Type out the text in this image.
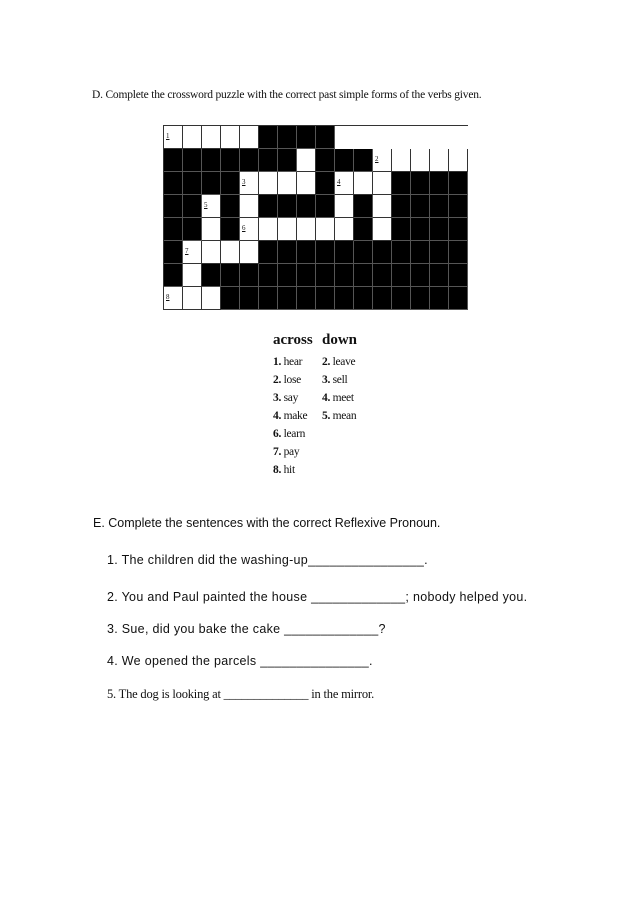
D. Complete the crossword puzzle with the correct past simple forms of the verbs given.
1
2
3	4
5
6
7
8
across
1. hear
2. lose
3. say
4. make
6. learn
7. pay
8. hit
down
2. leave
3. sell
4. meet
5. mean
E. Complete the sentences with the correct Reflexive Pronoun.
1. The children did the washing-up________________.
2. You and Paul painted the house _____________; nobody helped you.
3. Sue, did you bake the cake _____________?
4. We opened the parcels _______________.
5. The dog is looking at ______________ in the mirror.
